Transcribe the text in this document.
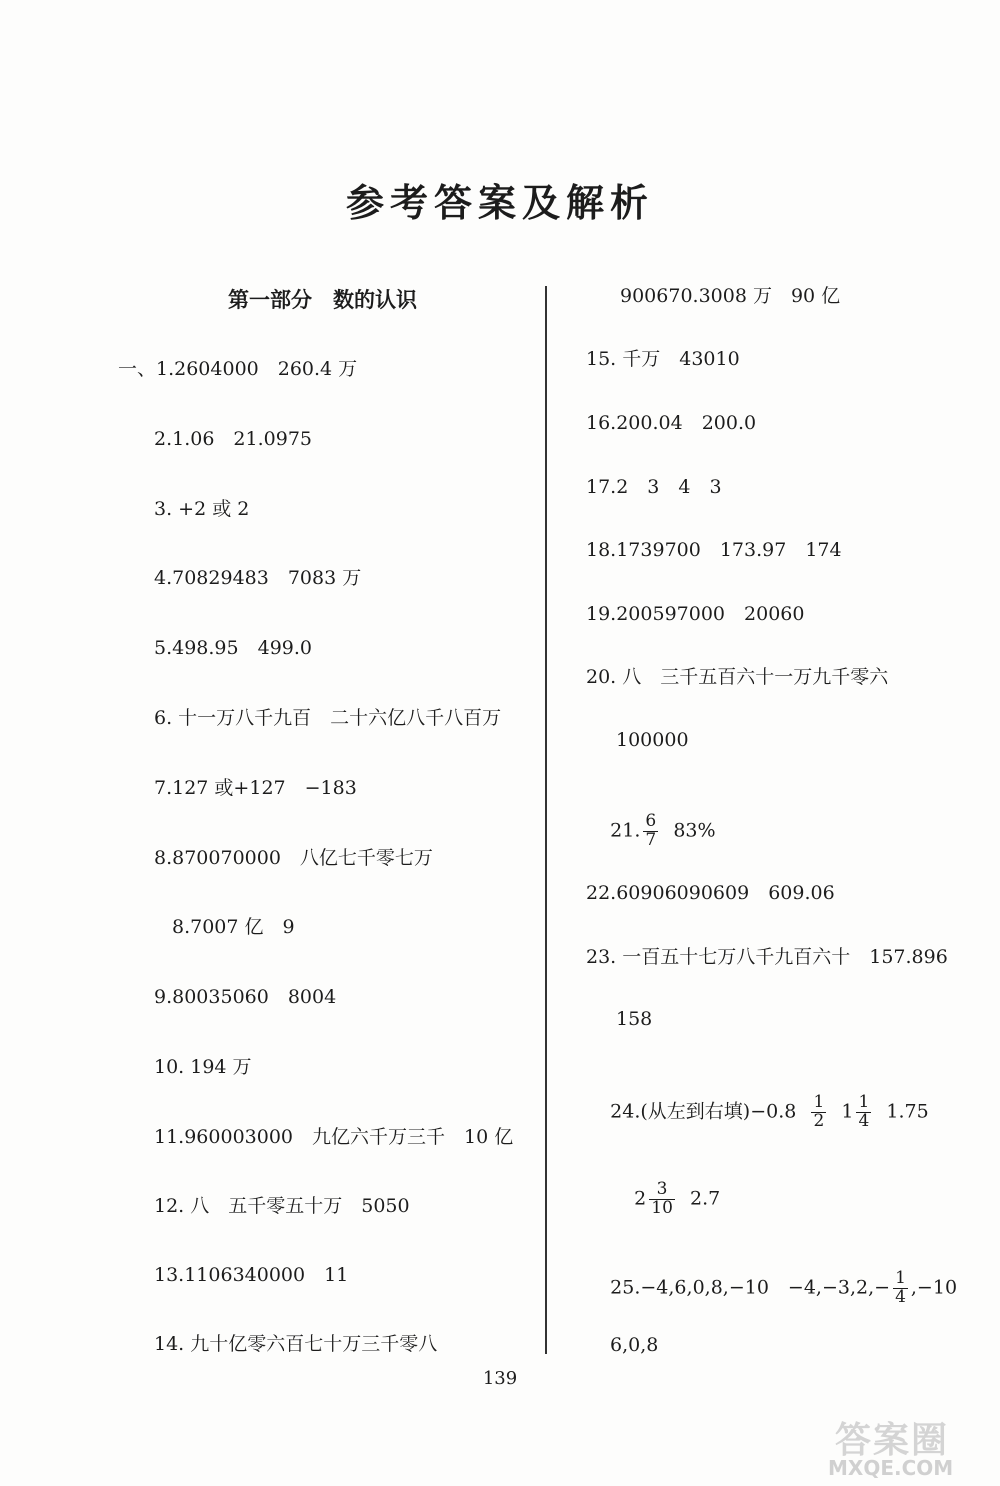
参考答案及解析
第一部分　数的认识
一、1.2604000　260.4 万
2.1.06　21.0975
3. +2 或 2
4.70829483　7083 万
5.498.95　499.0
6. 十一万八千九百　二十六亿八千八百万
7.127 或+127　−183
8.870070000　八亿七千零七万
8.7007 亿　9
9.80035060　8004
10. 194 万
11.960003000　九亿六千万三千　10 亿
12. 八　五千零五十万　5050
13.1106340000　11
14. 九十亿零六百七十万三千零八
900670.3008 万　90 亿
15. 千万　43010
16.200.04　200.0
17.2　3　4　3
18.1739700　173.97　174
19.200597000　20060
20. 八　三千五百六十一万九千零六
100000

21. $\frac{6}{7} 83\%$

22.60906090609　609.06
23. 一百五十七万八千九百六十　157.896
158

24.(从左到右填)$-0.8 \frac{1}{2} 1 \frac{1}{4} 1.75$

$2 \frac{3}{10} 2.7$

25.−4,6,0,8,−10　$-4,-3,2,- \frac{1}{4} ,-10$

6,0,8
139
答案圈
MXQE.COM
